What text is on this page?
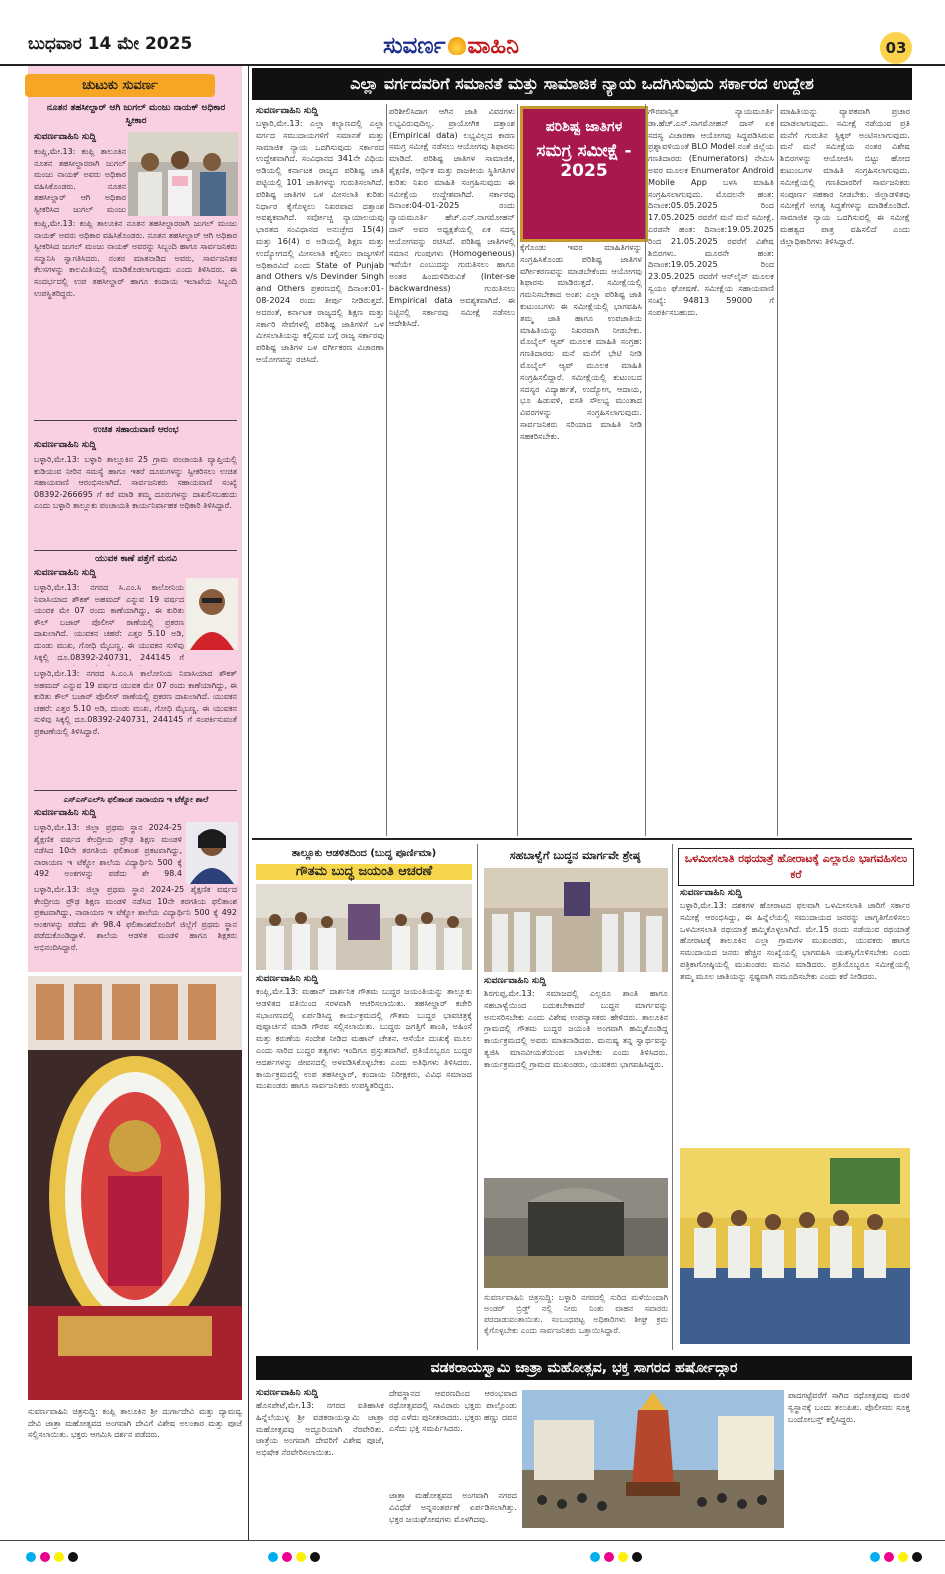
ಬುಧವಾರ 14 ಮೇ 2025	ಸುವರ್ಣ ವಾಹಿನಿ	03
ಚುಟುಕು ಸುವರ್ಣ
ನೂತನ ತಹಸೀಲ್ದಾರ್ ಆಗಿ ಜುಗಲ್ ಮಂಜು ನಾಯಕ್ ಅಧಿಕಾರ ಸ್ವೀಕಾರ
ಸುವರ್ಣವಾಹಿನಿ ಸುದ್ದಿ
ಕಂಪ್ಲಿ,ಮೇ.13: ಕಂಪ್ಲಿ ತಾಲೂಕಿನ ನೂತನ ತಹಸೀಲ್ದಾರರಾಗಿ ಜುಗಲ್ ಮಂಜು ನಾಯಕ್ ಅವರು ಅಧಿಕಾರ ವಹಿಸಿಕೊಂಡರು. ನೂತನ ತಹಸೀಲ್ದಾರ್ ಆಗಿ ಅಧಿಕಾರ ಸ್ವೀಕರಿಸಿದ ಜುಗಲ್ ಮಂಜು
ಕಂಪ್ಲಿ,ಮೇ.13: ಕಂಪ್ಲಿ ತಾಲೂಕಿನ ನೂತನ ತಹಸೀಲ್ದಾರರಾಗಿ ಜುಗಲ್ ಮಂಜು ನಾಯಕ್ ಅವರು ಅಧಿಕಾರ ವಹಿಸಿಕೊಂಡರು. ನೂತನ ತಹಸೀಲ್ದಾರ್ ಆಗಿ ಅಧಿಕಾರ ಸ್ವೀಕರಿಸಿದ ಜುಗಲ್ ಮಂಜು ನಾಯಕ್ ಅವರನ್ನು ಸಿಬ್ಬಂದಿ ಹಾಗೂ ಸಾರ್ವಜನಿಕರು ಸನ್ಮಾನಿಸಿ ಸ್ವಾಗತಿಸಿದರು. ನಂತರ ಮಾತನಾಡಿದ ಅವರು, ಸಾರ್ವಜನಿಕರ ಕೆಲಸಗಳನ್ನು ಕಾಲಮಿತಿಯಲ್ಲಿ ಮಾಡಿಕೊಡಲಾಗುವುದು ಎಂದು ತಿಳಿಸಿದರು. ಈ ಸಂದರ್ಭದಲ್ಲಿ ಉಪ ತಹಸೀಲ್ದಾರ್ ಹಾಗೂ ಕಂದಾಯ ಇಲಾಖೆಯ ಸಿಬ್ಬಂದಿ ಉಪಸ್ಥಿತರಿದ್ದರು.
ಉಚಿತ ಸಹಾಯವಾಣಿ ಆರಂಭ
ಸುವರ್ಣವಾಹಿನಿ ಸುದ್ದಿ
ಬಳ್ಳಾರಿ,ಮೇ.13: ಬಳ್ಳಾರಿ ತಾಲ್ಲೂಕಿನ 25 ಗ್ರಾಮ ಪಂಚಾಯತಿ ವ್ಯಾಪ್ತಿಯಲ್ಲಿ ಕುಡಿಯುವ ನೀರಿನ ಸಮಸ್ಯೆ ಹಾಗೂ ಇತರೆ ದೂರುಗಳನ್ನು ಸ್ವೀಕರಿಸಲು ಉಚಿತ ಸಹಾಯವಾಣಿ ಆರಂಭಿಸಲಾಗಿದೆ. ಸಾರ್ವಜನಿಕರು ಸಹಾಯವಾಣಿ ಸಂಖ್ಯೆ 08392-266695 ಗೆ ಕರೆ ಮಾಡಿ ತಮ್ಮ ದೂರುಗಳನ್ನು ದಾಖಲಿಸಬಹುದು ಎಂದು ಬಳ್ಳಾರಿ ತಾಲ್ಲೂಕು ಪಂಚಾಯತಿ ಕಾರ್ಯನಿರ್ವಾಹಕ ಅಧಿಕಾರಿ ತಿಳಿಸಿದ್ದಾರೆ.
ಯುವಕ ಕಾಣೆ ಪತ್ತೆಗೆ ಮನವಿ
ಸುವರ್ಣವಾಹಿನಿ ಸುದ್ದಿ
ಬಳ್ಳಾರಿ,ಮೇ.13: ನಗರದ ಸಿ.ಎಂ.ಸಿ ಕಾಲೋನಿಯ ನಿವಾಸಿಯಾದ ಶೌಕತ್ ಅಹಮದ್ ಎನ್ನುವ 19 ವರ್ಷದ ಯುವಕ ಮೇ 07 ರಂದು ಕಾಣೆಯಾಗಿದ್ದು, ಈ ಕುರಿತು ಕೌಲ್ ಬಜಾರ್ ಪೊಲೀಸ್ ಠಾಣೆಯಲ್ಲಿ ಪ್ರಕರಣ ದಾಖಲಾಗಿದೆ. ಯುವಕನ ಚಹರೆ: ಎತ್ತರ 5.10 ಅಡಿ, ದುಂಡು ಮುಖ, ಗೋಧಿ ಮೈಬಣ್ಣ. ಈ ಯುವಕನ ಸುಳಿವು ಸಿಕ್ಕಲ್ಲಿ ದೂ.08392-240731, 244145 ಗೆ
ಬಳ್ಳಾರಿ,ಮೇ.13: ನಗರದ ಸಿ.ಎಂ.ಸಿ ಕಾಲೋನಿಯ ನಿವಾಸಿಯಾದ ಶೌಕತ್ ಅಹಮದ್ ಎನ್ನುವ 19 ವರ್ಷದ ಯುವಕ ಮೇ 07 ರಂದು ಕಾಣೆಯಾಗಿದ್ದು, ಈ ಕುರಿತು ಕೌಲ್ ಬಜಾರ್ ಪೊಲೀಸ್ ಠಾಣೆಯಲ್ಲಿ ಪ್ರಕರಣ ದಾಖಲಾಗಿದೆ. ಯುವಕನ ಚಹರೆ: ಎತ್ತರ 5.10 ಅಡಿ, ದುಂಡು ಮುಖ, ಗೋಧಿ ಮೈಬಣ್ಣ. ಈ ಯುವಕನ ಸುಳಿವು ಸಿಕ್ಕಲ್ಲಿ ದೂ.08392-240731, 244145 ಗೆ ಸಂಪರ್ಕಿಸುವಂತೆ ಪ್ರಕಟಣೆಯಲ್ಲಿ ತಿಳಿಸಿದ್ದಾರೆ.
ಎಸ್ಎಸ್ಎಲ್‌ಸಿ ಫಲಿತಾಂಶ ನಾರಾಯಣ ಇ ಟೆಕ್ನೋ ಶಾಲೆ
ಸುವರ್ಣವಾಹಿನಿ ಸುದ್ದಿ
ಬಳ್ಳಾರಿ,ಮೇ.13: ಜಿಲ್ಲಾ ಪ್ರಥಮ ಸ್ಥಾನ 2024-25 ಶೈಕ್ಷಣಿಕ ವರ್ಷದ ಕೇಂದ್ರೀಯ ಪ್ರೌಢ ಶಿಕ್ಷಣ ಮಂಡಳಿ ನಡೆಸಿದ 10ನೇ ತರಗತಿಯ ಫಲಿತಾಂಶ ಪ್ರಕಟವಾಗಿದ್ದು, ನಾರಾಯಣ ಇ ಟೆಕ್ನೋ ಶಾಲೆಯ ವಿದ್ಯಾರ್ಥಿನಿ 500 ಕ್ಕೆ 492 ಅಂಕಗಳನ್ನು ಪಡೆದು ಶೇ 98.4
ಬಳ್ಳಾರಿ,ಮೇ.13: ಜಿಲ್ಲಾ ಪ್ರಥಮ ಸ್ಥಾನ 2024-25 ಶೈಕ್ಷಣಿಕ ವರ್ಷದ ಕೇಂದ್ರೀಯ ಪ್ರೌಢ ಶಿಕ್ಷಣ ಮಂಡಳಿ ನಡೆಸಿದ 10ನೇ ತರಗತಿಯ ಫಲಿತಾಂಶ ಪ್ರಕಟವಾಗಿದ್ದು, ನಾರಾಯಣ ಇ ಟೆಕ್ನೋ ಶಾಲೆಯ ವಿದ್ಯಾರ್ಥಿನಿ 500 ಕ್ಕೆ 492 ಅಂಕಗಳನ್ನು ಪಡೆದು ಶೇ 98.4 ಫಲಿತಾಂಶದೊಂದಿಗೆ ಜಿಲ್ಲೆಗೆ ಪ್ರಥಮ ಸ್ಥಾನ ಪಡೆದುಕೊಂಡಿದ್ದಾಳೆ. ಶಾಲೆಯ ಆಡಳಿತ ಮಂಡಳಿ ಹಾಗೂ ಶಿಕ್ಷಕರು ಅಭಿನಂದಿಸಿದ್ದಾರೆ.
ಸುವರ್ಣವಾಹಿನಿ ಚಿತ್ರಸುದ್ದಿ: ಕಂಪ್ಲಿ ತಾಲೂಕಿನ ಶ್ರೀ ದುರ್ಗಾದೇವಿ ಮತ್ತು ದ್ಯಾಮವ್ವ ದೇವಿ ಜಾತ್ರಾ ಮಹೋತ್ಸವದ ಅಂಗವಾಗಿ ದೇವಿಗೆ ವಿಶೇಷ ಅಲಂಕಾರ ಮತ್ತು ಪೂಜೆ ಸಲ್ಲಿಸಲಾಯಿತು. ಭಕ್ತರು ಆಗಮಿಸಿ ದರ್ಶನ ಪಡೆದರು.
ಎಲ್ಲಾ ವರ್ಗದವರಿಗೆ ಸಮಾನತೆ ಮತ್ತು ಸಾಮಾಜಿಕ ನ್ಯಾಯ ಒದಗಿಸುವುದು ಸರ್ಕಾರದ ಉದ್ದೇಶ
ಸುವರ್ಣವಾಹಿನಿ ಸುದ್ದಿ
ಬಳ್ಳಾರಿ,ಮೇ.13: ಎಲ್ಲಾ ಕಲ್ಯಾಣದಲ್ಲಿ ಎಲ್ಲಾ ವರ್ಗದ ಸಮುದಾಯಗಳಿಗೆ ಸಮಾನತೆ ಮತ್ತು ಸಾಮಾಜಿಕ ನ್ಯಾಯ ಒದಗಿಸುವುದು ಸರ್ಕಾರದ ಉದ್ದೇಶವಾಗಿದೆ. ಸಂವಿಧಾನದ 341ನೇ ವಿಧಿಯ ಅಡಿಯಲ್ಲಿ ಕರ್ನಾಟಕ ರಾಜ್ಯದ ಪರಿಶಿಷ್ಟ ಜಾತಿ ಪಟ್ಟಿಯಲ್ಲಿ 101 ಜಾತಿಗಳನ್ನು ಗುರುತಿಸಲಾಗಿದೆ. ಪರಿಶಿಷ್ಟ ಜಾತಿಗಳ ಒಳ ಮೀಸಲಾತಿ ಕುರಿತು ನಿರ್ಧಾರ ಕೈಗೊಳ್ಳಲು ನಿಖರವಾದ ದತ್ತಾಂಶ ಅವಶ್ಯಕವಾಗಿದೆ. ಸರ್ವೋಚ್ಚ ನ್ಯಾಯಾಲಯವು ಭಾರತದ ಸಂವಿಧಾನದ ಅನುಚ್ಛೇದ 15(4) ಮತ್ತು 16(4) ರ ಅಡಿಯಲ್ಲಿ ಶಿಕ್ಷಣ ಮತ್ತು ಉದ್ಯೋಗದಲ್ಲಿ ಮೀಸಲಾತಿ ಕಲ್ಪಿಸಲು ರಾಜ್ಯಗಳಿಗೆ ಅಧಿಕಾರವಿದೆ ಎಂದು State of Punjab and Others v/s Devinder Singh and Others ಪ್ರಕರಣದಲ್ಲಿ ದಿನಾಂಕ:01-08-2024 ರಂದು ತೀರ್ಪು ನೀಡಿರುತ್ತದೆ. ಅದರಂತೆ, ಕರ್ನಾಟಕ ರಾಜ್ಯದಲ್ಲಿ ಶಿಕ್ಷಣ ಮತ್ತು ಸರ್ಕಾರಿ ಸೇವೆಗಳಲ್ಲಿ ಪರಿಶಿಷ್ಟ ಜಾತಿಗಳಿಗೆ ಒಳ ಮೀಸಲಾತಿಯನ್ನು ಕಲ್ಪಿಸುವ ಬಗ್ಗೆ ರಾಜ್ಯ ಸರ್ಕಾರವು ಪರಿಶಿಷ್ಟ ಜಾತಿಗಳ ಒಳ ವರ್ಗೀಕರಣ ವಿಚಾರಣಾ ಆಯೋಗವನ್ನು ರಚಿಸಿದೆ.
ಪರಿಶೀಲಿಸಿದಾಗ ಆಗಿನ ಜಾತಿ ವಿವರಗಳು ಲಭ್ಯವಿರುವುದಿಲ್ಲ. ಪ್ರಾಯೋಗಿಕ ದತ್ತಾಂಶ (Empirical data) ಲಭ್ಯವಿಲ್ಲದ ಕಾರಣ ಸಮಗ್ರ ಸಮೀಕ್ಷೆ ನಡೆಸಲು ಆಯೋಗವು ಶಿಫಾರಸು ಮಾಡಿದೆ. ಪರಿಶಿಷ್ಟ ಜಾತಿಗಳ ಸಾಮಾಜಿಕ, ಶೈಕ್ಷಣಿಕ, ಆರ್ಥಿಕ ಮತ್ತು ರಾಜಕೀಯ ಸ್ಥಿತಿಗತಿಗಳ ಕುರಿತು ನಿಖರ ಮಾಹಿತಿ ಸಂಗ್ರಹಿಸುವುದು ಈ ಸಮೀಕ್ಷೆಯ ಉದ್ದೇಶವಾಗಿದೆ. ಸರ್ಕಾರವು ದಿನಾಂಕ:04-01-2025 ರಂದು ನ್ಯಾಯಮೂರ್ತಿ ಹೆಚ್.ಎನ್.ನಾಗಮೋಹನ್ ದಾಸ್ ಅವರ ಅಧ್ಯಕ್ಷತೆಯಲ್ಲಿ ಏಕ ಸದಸ್ಯ ಆಯೋಗವನ್ನು ರಚಿಸಿದೆ. ಪರಿಶಿಷ್ಟ ಜಾತಿಗಳಲ್ಲಿ ಸಮಾನ ಗುಂಪುಗಳು (Homogeneous) ಇವೆಯೇ ಎಂಬುದನ್ನು ಗುರುತಿಸಲು ಹಾಗೂ ಅಂತರ ಹಿಂದುಳಿದಿರುವಿಕೆ (Inter-se backwardness) ಗುರುತಿಸಲು Empirical data ಅವಶ್ಯಕವಾಗಿದೆ. ಈ ನಿಟ್ಟಿನಲ್ಲಿ ಸರ್ಕಾರವು ಸಮೀಕ್ಷೆ ನಡೆಸಲು ಆದೇಶಿಸಿದೆ.
ಪರಿಶಿಷ್ಟ ಜಾತಿಗಳ
ಸಮಗ್ರ ಸಮೀಕ್ಷೆ - 2025
ಕ್ಕೆಗೊಂಡು ಇವರ ಮಾಹಿತಿಗಳನ್ನು ಸಂಗ್ರಹಿಸಿಕೊಂಡು ಪರಿಶಿಷ್ಟ ಜಾತಿಗಳ ವರ್ಗೀಕರಣವನ್ನು ಮಾಡಬೇಕೆಂದು ಆಯೋಗವು ಶಿಫಾರಸು ಮಾಡಿರುತ್ತದೆ. ಸಮೀಕ್ಷೆಯಲ್ಲಿ ಗಮನಿಸಬೇಕಾದ ಅಂಶ: ಎಲ್ಲಾ ಪರಿಶಿಷ್ಟ ಜಾತಿ ಕುಟುಂಬಗಳು ಈ ಸಮೀಕ್ಷೆಯಲ್ಲಿ ಭಾಗವಹಿಸಿ ತಮ್ಮ ಜಾತಿ ಹಾಗೂ ಉಪಜಾತಿಯ ಮಾಹಿತಿಯನ್ನು ನಿಖರವಾಗಿ ನೀಡಬೇಕು. ಮೊಬೈಲ್ ಆ್ಯಪ್ ಮೂಲಕ ಮಾಹಿತಿ ಸಂಗ್ರಹ: ಗಣತಿದಾರರು ಮನೆ ಮನೆಗೆ ಭೇಟಿ ನೀಡಿ ಮೊಬೈಲ್ ಆ್ಯಪ್ ಮೂಲಕ ಮಾಹಿತಿ ಸಂಗ್ರಹಿಸಲಿದ್ದಾರೆ. ಸಮೀಕ್ಷೆಯಲ್ಲಿ ಕುಟುಂಬದ ಸದಸ್ಯರ ವಿದ್ಯಾರ್ಹತೆ, ಉದ್ಯೋಗ, ಆದಾಯ, ಭೂ ಹಿಡುವಳಿ, ವಸತಿ ಸೌಲಭ್ಯ ಮುಂತಾದ ವಿವರಗಳನ್ನು ಸಂಗ್ರಹಿಸಲಾಗುವುದು. ಸಾರ್ವಜನಿಕರು ಸರಿಯಾದ ಮಾಹಿತಿ ನೀಡಿ ಸಹಕರಿಸಬೇಕು.
ಗೌರವಾನ್ವಿತ ನ್ಯಾಯಮೂರ್ತಿ ಡಾ.ಹೆಚ್.ಎನ್.ನಾಗಮೋಹನ್ ದಾಸ್ ಏಕ ಸದಸ್ಯ ವಿಚಾರಣಾ ಆಯೋಗವು ಸಿದ್ಧಪಡಿಸಿರುವ ಪ್ರಶ್ನಾವಳಿಯಂತೆ BLO Model ನಂತೆ ಜಿಲ್ಲೆಯ ಗಣತಿದಾರರು (Enumerators) ನೇಮಿಸಿ ಅವರ ಮೂಲಕ Enumerator Android Mobile App ಬಳಸಿ ಮಾಹಿತಿ ಸಂಗ್ರಹಿಸಲಾಗುವುದು. ಮೊದಲನೇ ಹಂತ: ದಿನಾಂಕ:05.05.2025 ರಿಂದ 17.05.2025 ರವರೆಗೆ ಮನೆ ಮನೆ ಸಮೀಕ್ಷೆ. ಎರಡನೇ ಹಂತ: ದಿನಾಂಕ:19.05.2025 ರಿಂದ 21.05.2025 ರವರೆಗೆ ವಿಶೇಷ ಶಿಬಿರಗಳು. ಮೂರನೇ ಹಂತ: ದಿನಾಂಕ:19.05.2025 ರಿಂದ 23.05.2025 ರವರೆಗೆ ಆನ್‌ಲೈನ್ ಮೂಲಕ ಸ್ವಯಂ ಘೋಷಣೆ. ಸಮೀಕ್ಷೆಯ ಸಹಾಯವಾಣಿ ಸಂಖ್ಯೆ: 94813 59000 ಗೆ ಸಂಪರ್ಕಿಸಬಹುದು.
ಮಾಹಿತಿಯನ್ನು ವ್ಯಾಪಕವಾಗಿ ಪ್ರಚಾರ ಮಾಡಲಾಗುವುದು. ಸಮೀಕ್ಷೆ ನಡೆಯುವ ಪ್ರತಿ ಮನೆಗೆ ಗುರುತಿನ ಸ್ಟಿಕ್ಕರ್ ಅಂಟಿಸಲಾಗುವುದು. ಮನೆ ಮನೆ ಸಮೀಕ್ಷೆಯ ನಂತರ ವಿಶೇಷ ಶಿಬಿರಗಳನ್ನು ಆಯೋಜಿಸಿ ಬಿಟ್ಟು ಹೋದ ಕುಟುಂಬಗಳ ಮಾಹಿತಿ ಸಂಗ್ರಹಿಸಲಾಗುವುದು. ಸಮೀಕ್ಷೆಯಲ್ಲಿ ಗಣತಿದಾರರಿಗೆ ಸಾರ್ವಜನಿಕರು ಸಂಪೂರ್ಣ ಸಹಕಾರ ನೀಡಬೇಕು. ಜಿಲ್ಲಾಡಳಿತವು ಸಮೀಕ್ಷೆಗೆ ಅಗತ್ಯ ಸಿದ್ಧತೆಗಳನ್ನು ಮಾಡಿಕೊಂಡಿದೆ. ಸಾಮಾಜಿಕ ನ್ಯಾಯ ಒದಗಿಸುವಲ್ಲಿ ಈ ಸಮೀಕ್ಷೆ ಮಹತ್ವದ ಪಾತ್ರ ವಹಿಸಲಿದೆ ಎಂದು ಜಿಲ್ಲಾಧಿಕಾರಿಗಳು ತಿಳಿಸಿದ್ದಾರೆ.
ತಾಲ್ಲೂಕು ಆಡಳಿತದಿಂದ (ಬುದ್ಧ ಪೂರ್ಣಿಮಾ)
ಗೌತಮ ಬುದ್ಧ ಜಯಂತಿ ಆಚರಣೆ
ಸುವರ್ಣವಾಹಿನಿ ಸುದ್ದಿ
ಕಂಪ್ಲಿ,ಮೇ.13: ಮಹಾನ್ ದಾರ್ಶನಿಕ ಗೌತಮ ಬುದ್ಧರ ಜಯಂತಿಯನ್ನು ತಾಲ್ಲೂಕು ಆಡಳಿತದ ವತಿಯಿಂದ ಸರಳವಾಗಿ ಆಚರಿಸಲಾಯಿತು. ತಹಸೀಲ್ದಾರ್ ಕಚೇರಿ ಸಭಾಂಗಣದಲ್ಲಿ ಏರ್ಪಡಿಸಿದ್ದ ಕಾರ್ಯಕ್ರಮದಲ್ಲಿ ಗೌತಮ ಬುದ್ಧರ ಭಾವಚಿತ್ರಕ್ಕೆ ಪುಷ್ಪಾರ್ಚನೆ ಮಾಡಿ ಗೌರವ ಸಲ್ಲಿಸಲಾಯಿತು. ಬುದ್ಧರು ಜಗತ್ತಿಗೆ ಶಾಂತಿ, ಅಹಿಂಸೆ ಮತ್ತು ಕರುಣೆಯ ಸಂದೇಶ ನೀಡಿದ ಮಹಾನ್ ಚೇತನ. ಆಸೆಯೇ ದುಃಖಕ್ಕೆ ಮೂಲ ಎಂದು ಸಾರಿದ ಬುದ್ಧರ ತತ್ವಗಳು ಇಂದಿಗೂ ಪ್ರಸ್ತುತವಾಗಿವೆ. ಪ್ರತಿಯೊಬ್ಬರೂ ಬುದ್ಧರ ಆದರ್ಶಗಳನ್ನು ಜೀವನದಲ್ಲಿ ಅಳವಡಿಸಿಕೊಳ್ಳಬೇಕು ಎಂದು ಅತಿಥಿಗಳು ತಿಳಿಸಿದರು. ಕಾರ್ಯಕ್ರಮದಲ್ಲಿ ಉಪ ತಹಸೀಲ್ದಾರ್, ಕಂದಾಯ ನಿರೀಕ್ಷಕರು, ವಿವಿಧ ಸಮಾಜದ ಮುಖಂಡರು ಹಾಗೂ ಸಾರ್ವಜನಿಕರು ಉಪಸ್ಥಿತರಿದ್ದರು.
ಸಹಬಾಳ್ವೆಗೆ ಬುದ್ಧನ ಮಾರ್ಗವೇ ಶ್ರೇಷ್ಠ
ಸುವರ್ಣವಾಹಿನಿ ಸುದ್ದಿ
ಶಿರಗುಪ್ಪ,ಮೇ.13: ಸಮಾಜದಲ್ಲಿ ಎಲ್ಲರೂ ಶಾಂತಿ ಹಾಗೂ ಸಹಬಾಳ್ವೆಯಿಂದ ಬದುಕಬೇಕಾದರೆ ಬುದ್ಧನ ಮಾರ್ಗವನ್ನು ಅನುಸರಿಸಬೇಕು ಎಂದು ವಿಶೇಷ ಉಪನ್ಯಾಸಕರು ಹೇಳಿದರು. ತಾಲೂಕಿನ ಗ್ರಾಮದಲ್ಲಿ ಗೌತಮ ಬುದ್ಧರ ಜಯಂತಿ ಅಂಗವಾಗಿ ಹಮ್ಮಿಕೊಂಡಿದ್ದ ಕಾರ್ಯಕ್ರಮದಲ್ಲಿ ಅವರು ಮಾತನಾಡಿದರು. ಮನುಷ್ಯ ತನ್ನ ಸ್ವಾರ್ಥವನ್ನು ತ್ಯಜಿಸಿ ಮಾನವೀಯತೆಯಿಂದ ಬಾಳಬೇಕು ಎಂದು ತಿಳಿಸಿದರು. ಕಾರ್ಯಕ್ರಮದಲ್ಲಿ ಗ್ರಾಮದ ಮುಖಂಡರು, ಯುವಕರು ಭಾಗವಹಿಸಿದ್ದರು.
ಸುವರ್ಣವಾಹಿನಿ ಚಿತ್ರಸುದ್ದಿ: ಬಳ್ಳಾರಿ ನಗರದಲ್ಲಿ ಸುರಿದ ಮಳೆಯಿಂದಾಗಿ ಅಂಡರ್ ಬ್ರಿಡ್ಜ್ ನಲ್ಲಿ ನೀರು ನಿಂತು ವಾಹನ ಸವಾರರು ಪರದಾಡುವಂತಾಯಿತು. ಸಂಬಂಧಪಟ್ಟ ಅಧಿಕಾರಿಗಳು ಶೀಘ್ರ ಕ್ರಮ ಕೈಗೊಳ್ಳಬೇಕು ಎಂದು ಸಾರ್ವಜನಿಕರು ಒತ್ತಾಯಿಸಿದ್ದಾರೆ.
ಒಳಮೀಸಲಾತಿ ರಥಯಾತ್ರೆ ಹೋರಾಟಕ್ಕೆ ಎಲ್ಲಾರೂ ಭಾಗವಹಿಸಲು ಕರೆ
ಸುವರ್ಣವಾಹಿನಿ ಸುದ್ದಿ
ಬಳ್ಳಾರಿ,ಮೇ.13: ದಶಕಗಳ ಹೋರಾಟದ ಫಲವಾಗಿ ಒಳಮೀಸಲಾತಿ ಜಾರಿಗೆ ಸರ್ಕಾರ ಸಮೀಕ್ಷೆ ಆರಂಭಿಸಿದ್ದು, ಈ ಹಿನ್ನೆಲೆಯಲ್ಲಿ ಸಮುದಾಯದ ಜನರನ್ನು ಜಾಗೃತಿಗೊಳಿಸಲು ಒಳಮೀಸಲಾತಿ ರಥಯಾತ್ರೆ ಹಮ್ಮಿಕೊಳ್ಳಲಾಗಿದೆ. ಮೇ.15 ರಂದು ನಡೆಯುವ ರಥಯಾತ್ರೆ ಹೋರಾಟಕ್ಕೆ ತಾಲೂಕಿನ ಎಲ್ಲಾ ಗ್ರಾಮಗಳ ಮುಖಂಡರು, ಯುವಕರು ಹಾಗೂ ಸಮುದಾಯದ ಜನರು ಹೆಚ್ಚಿನ ಸಂಖ್ಯೆಯಲ್ಲಿ ಭಾಗವಹಿಸಿ ಯಶಸ್ವಿಗೊಳಿಸಬೇಕು ಎಂದು ಪತ್ರಿಕಾಗೋಷ್ಠಿಯಲ್ಲಿ ಮುಖಂಡರು ಮನವಿ ಮಾಡಿದರು. ಪ್ರತಿಯೊಬ್ಬರೂ ಸಮೀಕ್ಷೆಯಲ್ಲಿ ತಮ್ಮ ಮೂಲ ಜಾತಿಯನ್ನು ಸ್ಪಷ್ಟವಾಗಿ ನಮೂದಿಸಬೇಕು ಎಂದು ಕರೆ ನೀಡಿದರು.
ವಡಕರಾಯಸ್ವಾಮಿ ಜಾತ್ರಾ ಮಹೋತ್ಸವ, ಭಕ್ತ ಸಾಗರದ ಹರ್ಷೋದ್ಗಾರ
ಸುವರ್ಣವಾಹಿನಿ ಸುದ್ದಿ
ಹೊಸಪೇಟೆ,ಮೇ.13: ನಗರದ ಐತಿಹಾಸಿಕ ಹಿನ್ನೆಲೆಯುಳ್ಳ ಶ್ರೀ ವಡಕರಾಯಸ್ವಾಮಿ ಜಾತ್ರಾ ಮಹೋತ್ಸವವು ಅದ್ದೂರಿಯಾಗಿ ನೆರವೇರಿತು. ಜಾತ್ರೆಯ ಅಂಗವಾಗಿ ದೇವರಿಗೆ ವಿಶೇಷ ಪೂಜೆ, ಅಭಿಷೇಕ ನೆರವೇರಿಸಲಾಯಿತು.
ದೇವಸ್ಥಾನದ ಆವರಣದಿಂದ ಆರಂಭವಾದ ರಥೋತ್ಸವದಲ್ಲಿ ಸಾವಿರಾರು ಭಕ್ತರು ಪಾಲ್ಗೊಂಡು ರಥ ಎಳೆದು ಪುನೀತರಾದರು. ಭಕ್ತರು ಹಣ್ಣು ದವನ ಎಸೆದು ಭಕ್ತಿ ಸಮರ್ಪಿಸಿದರು.
ಪಾದಗಟ್ಟೆವರೆಗೆ ಸಾಗಿದ ರಥೋತ್ಸವವು ಮರಳಿ ಸ್ವಸ್ಥಾನಕ್ಕೆ ಬಂದು ತಲುಪಿತು. ಪೊಲೀಸರು ಸೂಕ್ತ ಬಂದೋಬಸ್ತ್ ಕಲ್ಪಿಸಿದ್ದರು.
ಜಾತ್ರಾ ಮಹೋತ್ಸವದ ಅಂಗವಾಗಿ ನಗರದ ವಿವಿಧೆಡೆ ಅನ್ನಸಂತರ್ಪಣೆ ಏರ್ಪಡಿಸಲಾಗಿತ್ತು. ಭಕ್ತರ ಜಯಘೋಷಗಳು ಮೊಳಗಿದವು.
